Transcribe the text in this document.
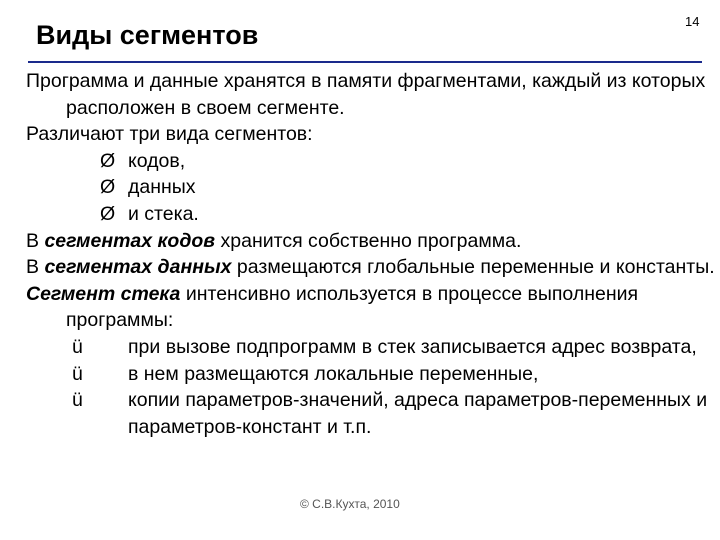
Виды сегментов	14
Программа и данные хранятся в памяти фрагментами, каждый из которых расположен в своем сегменте.
Различают три вида сегментов:
Ø кодов,
Ø данных
Ø и стека.
В сегментах кодов хранится собственно программа.
В сегментах данных размещаются глобальные переменные и константы.
Сегмент стека интенсивно используется в процессе выполнения программы:
ü при вызове подпрограмм в стек записывается адрес возврата,
ü в нем размещаются локальные переменные,
ü копии параметров-значений, адреса параметров-переменных и параметров-констант и т.п.
© С.В.Кухта, 2010
